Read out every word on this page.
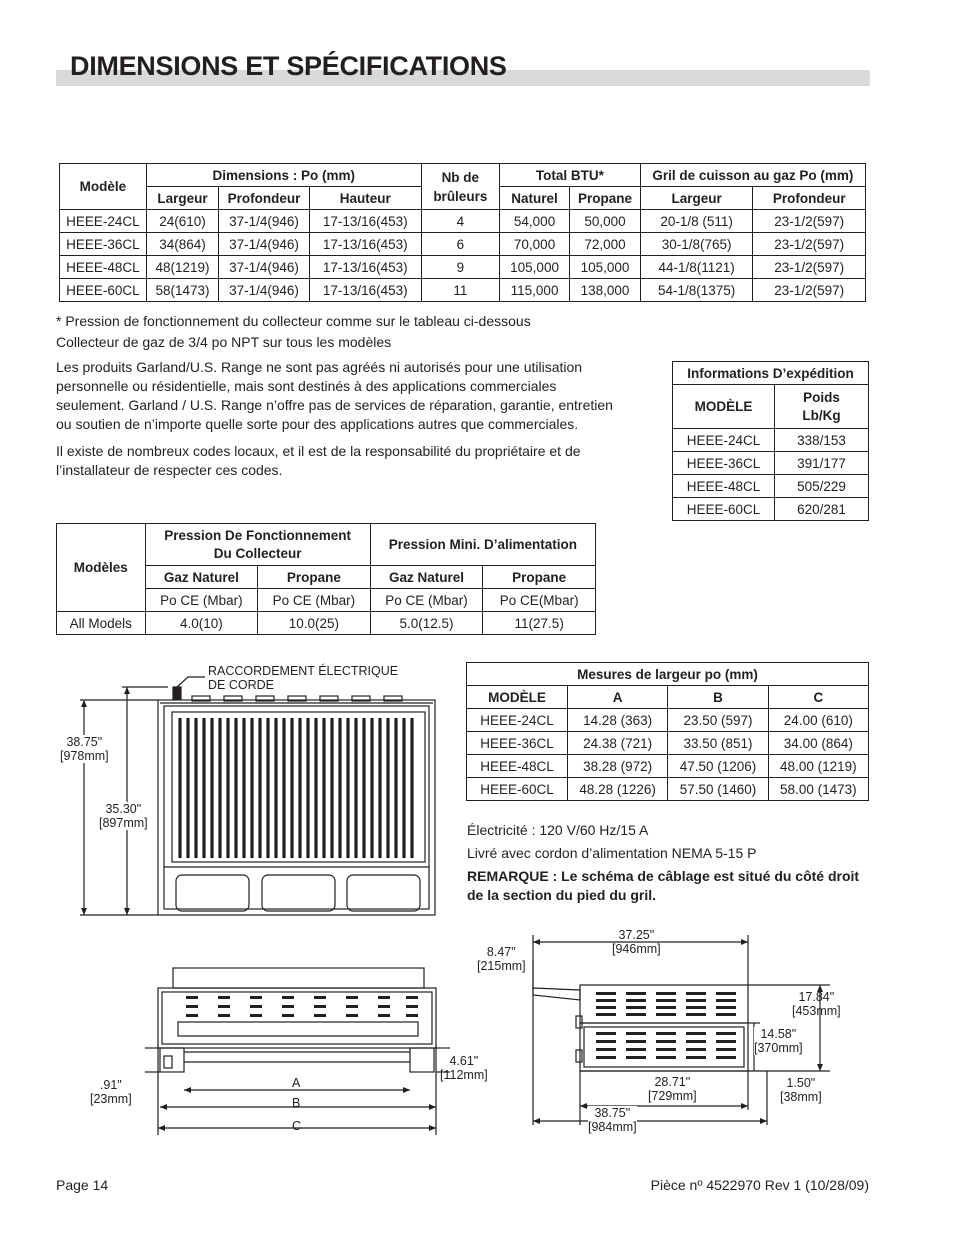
DIMENSIONS ET SPÉCIFICATIONS
Modèle	Dimensions : Po (mm)			Nb de
brûleurs	Total BTU*		Gril de cuisson au gaz Po (mm)	
	Largeur	Profondeur	Hauteur		Naturel	Propane	Largeur	Profondeur
HEEE-24CL	24(610)	37-1/4(946)	17-13/16(453)	4	54,000	50,000	20-1/8 (511)	23-1/2(597)
HEEE-36CL	34(864)	37-1/4(946)	17-13/16(453)	6	70,000	72,000	30-1/8(765)	23-1/2(597)
HEEE-48CL	48(1219)	37-1/4(946)	17-13/16(453)	9	105,000	105,000	44-1/8(1121)	23-1/2(597)
HEEE-60CL	58(1473)	37-1/4(946)	17-13/16(453)	11	115,000	138,000	54-1/8(1375)	23-1/2(597)
* Pression de fonctionnement du collecteur comme sur le tableau ci-dessous
Collecteur de gaz de 3/4 po NPT sur tous les modèles
Les produits Garland/U.S. Range ne sont pas agréés ni autorisés pour une utilisation personnelle ou résidentielle, mais sont destinés à des applications commerciales seulement. Garland / U.S. Range n’offre pas de services de réparation, garantie, entretien ou soutien de n’importe quelle sorte pour des applications autres que commerciales.
Il existe de nombreux codes locaux, et il est de la responsabilité du propriétaire et de l’installateur de respecter ces codes.
Informations D’expédition	
MODÈLE	Poids
Lb/Kg
HEEE-24CL	338/153
HEEE-36CL	391/177
HEEE-48CL	505/229
HEEE-60CL	620/281
Modèles	Pression De Fonctionnement
Du Collecteur		Pression Mini. D’alimentation	
	Gaz Naturel	Propane	Gaz Naturel	Propane
	Po CE (Mbar)	Po CE (Mbar)	Po CE (Mbar)	Po CE(Mbar)
All Models	4.0(10)	10.0(25)	5.0(12.5)	11(27.5)
Mesures de largeur po (mm)			
MODÈLE	A	B	C
HEEE-24CL	14.28 (363)	23.50 (597)	24.00 (610)
HEEE-36CL	24.38 (721)	33.50 (851)	34.00 (864)
HEEE-48CL	38.28 (972)	47.50 (1206)	48.00 (1219)
HEEE-60CL	48.28 (1226)	57.50 (1460)	58.00 (1473)
Électricité : 120 V/60 Hz/15 A
Livré avec cordon d’alimentation NEMA 5-15 P
REMARQUE : Le schéma de câblage est situé du côté droit de la section du pied du gril.
RACCORDEMENT ÉLECTRIQUE
DE CORDE
38.75"
[978mm]
35.30"
[897mm]
.91"
[23mm]
4.61"
[112mm]
A
B
C
37.25"
[946mm]
8.47"
[215mm]
17.84"
[453mm]
14.58"
[370mm]
28.71"
[729mm]
1.50"
[38mm]
38.75"
[984mm]
Page 14	Pièce nº 4522970 Rev 1 (10/28/09)
